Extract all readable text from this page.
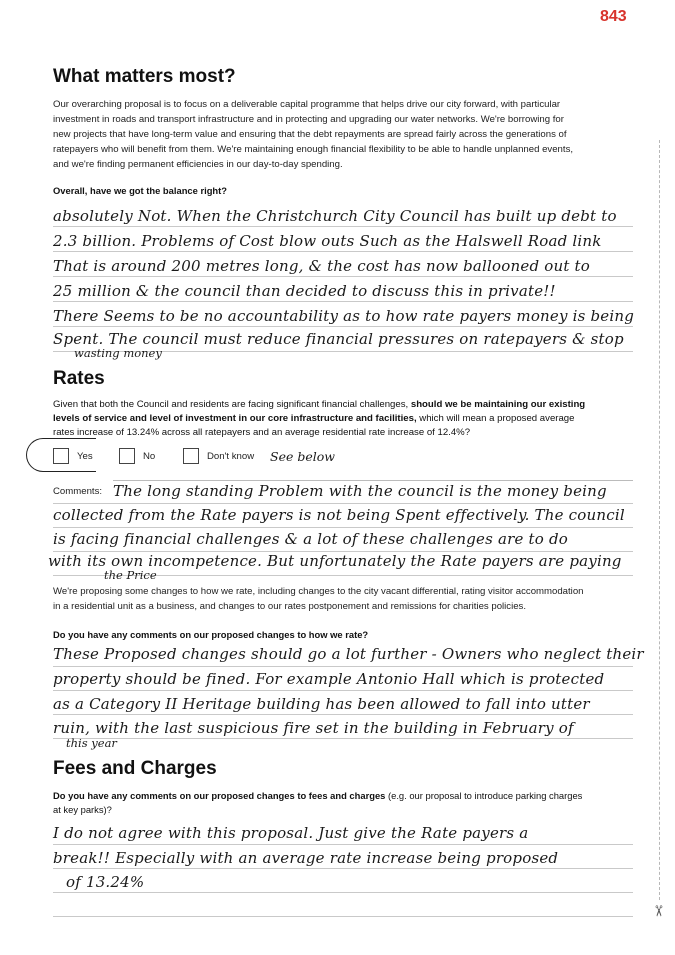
843
✂
What matters most?
Our overarching proposal is to focus on a deliverable capital programme that helps drive our city forward, with particular
investment in roads and transport infrastructure and in protecting and upgrading our water networks. We're borrowing for
new projects that have long-term value and ensuring that the debt repayments are spread fairly across the generations of
ratepayers who will benefit from them. We're maintaining enough financial flexibility to be able to handle unplanned events,
and we're finding permanent efficiencies in our day-to-day spending.
Overall, have we got the balance right?
absolutely Not. When the Christchurch City Council has built up debt to
2.3 billion. Problems of Cost blow outs Such as the Halswell Road link
That is around 200 metres long, & the cost has now ballooned out to
25 million & the council than decided to discuss this in private!!
There Seems to be no accountability as to how rate payers money is being
Spent. The council must reduce financial pressures on ratepayers & stop
wasting money
Rates
Given that both the Council and residents are facing significant financial challenges, should we be maintaining our existing
levels of service and level of investment in our core infrastructure and facilities, which will mean a proposed average
rates increase of 13.24% across all ratepayers and an average residential rate increase of 12.4%?
Yes	No	Don't know See below
Comments: The long standing Problem with the council is the money being
collected from the Rate payers is not being Spent effectively. The council
is facing financial challenges & a lot of these challenges are to do
with its own incompetence. But unfortunately the Rate payers are paying
the Price
We're proposing some changes to how we rate, including changes to the city vacant differential, rating visitor accommodation
in a residential unit as a business, and changes to our rates postponement and remissions for charities policies.
Do you have any comments on our proposed changes to how we rate?
These Proposed changes should go a lot further - Owners who neglect their
property should be fined. For example Antonio Hall which is protected
as a Category II Heritage building has been allowed to fall into utter
ruin, with the last suspicious fire set in the building in February of
this year
Fees and Charges
Do you have any comments on our proposed changes to fees and charges (e.g. our proposal to introduce parking charges
at key parks)?
I do not agree with this proposal. Just give the Rate payers a
break!! Especially with an average rate increase being proposed
of 13.24%
